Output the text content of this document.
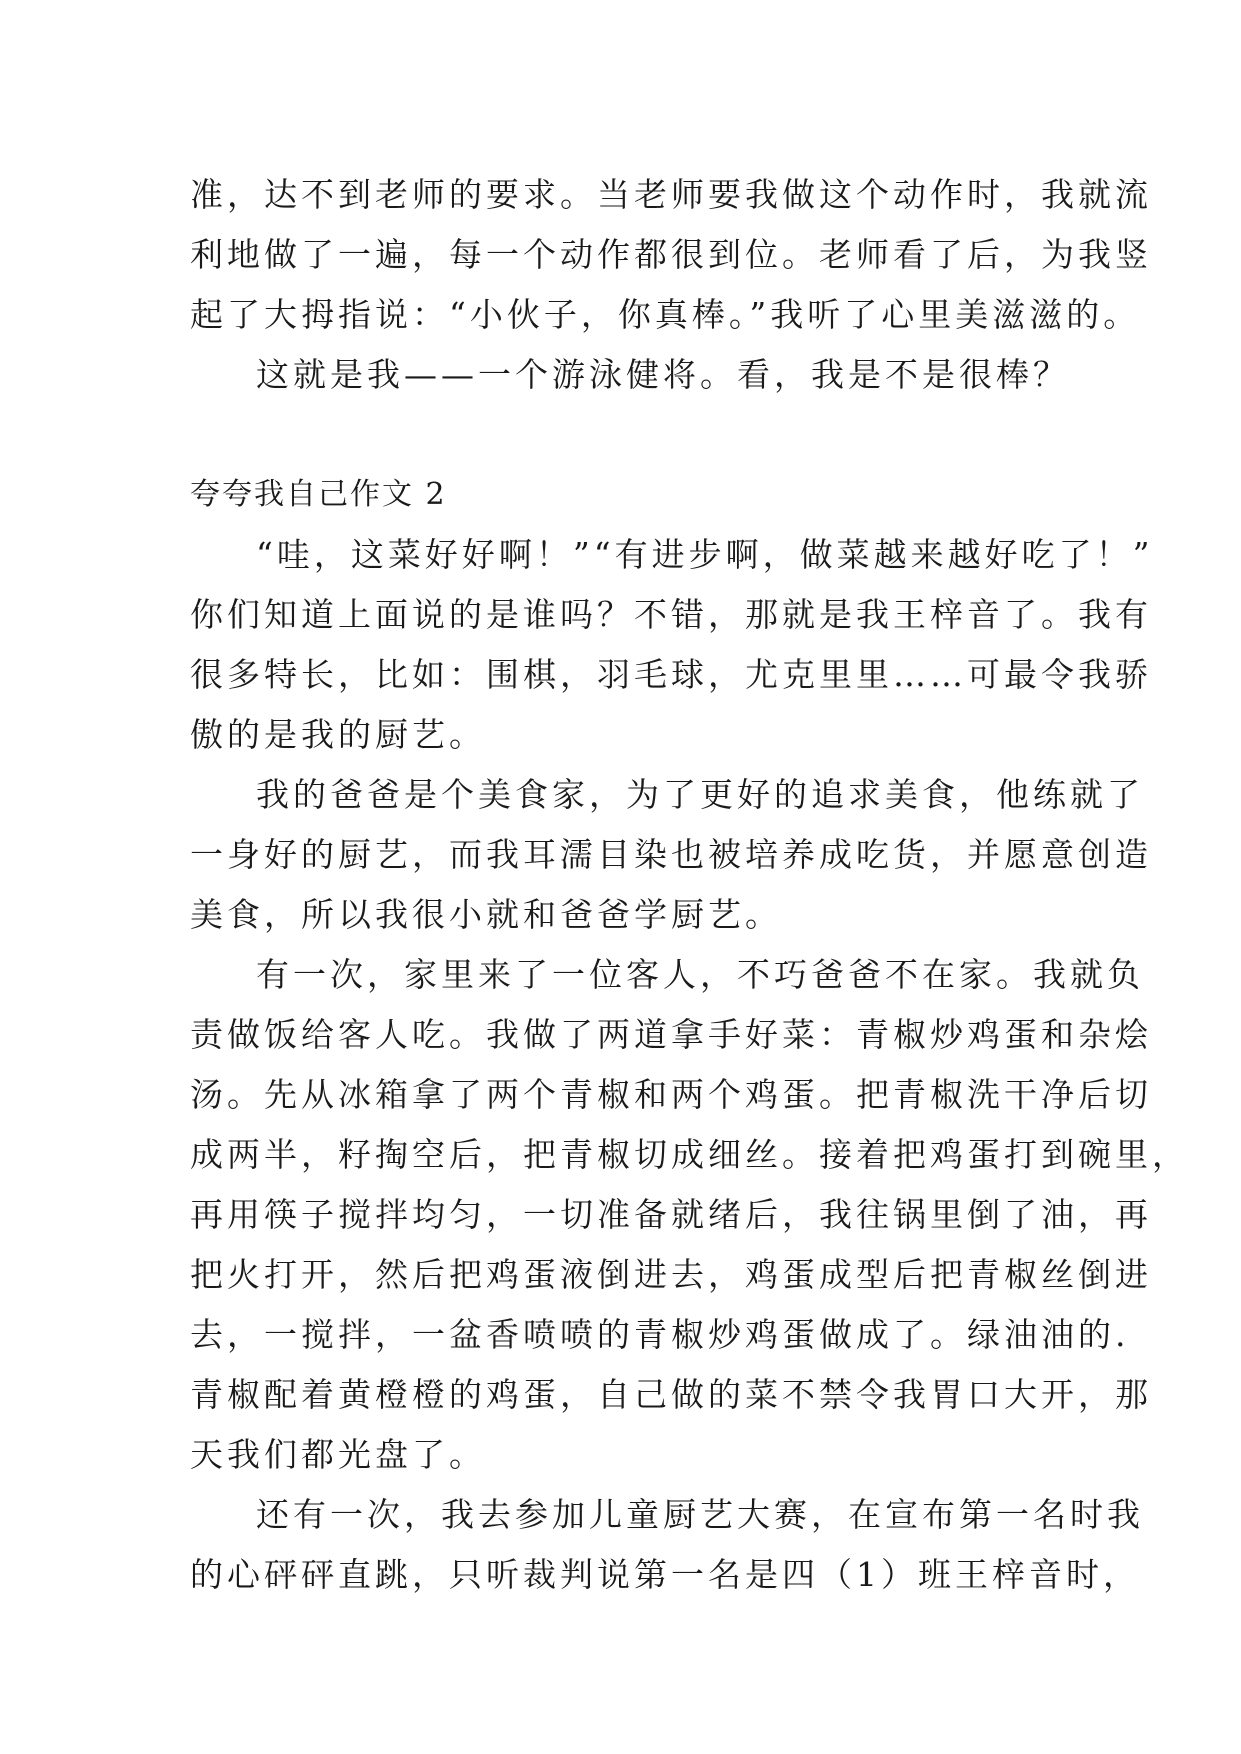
准，达不到老师的要求。当老师要我做这个动作时，我就流
利地做了一遍，每一个动作都很到位。老师看了后，为我竖
起了大拇指说：“小伙子，你真棒。”我听了心里美滋滋的。
这就是我——一个游泳健将。看，我是不是很棒？
夸夸我自己作文 2
“哇，这菜好好啊！”“有进步啊，做菜越来越好吃了！”
你们知道上面说的是谁吗？不错，那就是我王梓音了。我有
很多特长，比如：围棋，羽毛球，尤克里里……可最令我骄
傲的是我的厨艺。
我的爸爸是个美食家，为了更好的追求美食，他练就了
一身好的厨艺，而我耳濡目染也被培养成吃货，并愿意创造
美食，所以我很小就和爸爸学厨艺。
有一次，家里来了一位客人，不巧爸爸不在家。我就负
责做饭给客人吃。我做了两道拿手好菜：青椒炒鸡蛋和杂烩
汤。先从冰箱拿了两个青椒和两个鸡蛋。把青椒洗干净后切
成两半，籽掏空后，把青椒切成细丝。接着把鸡蛋打到碗里，
再用筷子搅拌均匀，一切准备就绪后，我往锅里倒了油，再
把火打开，然后把鸡蛋液倒进去，鸡蛋成型后把青椒丝倒进
去，一搅拌，一盆香喷喷的青椒炒鸡蛋做成了。绿油油的.
青椒配着黄橙橙的鸡蛋，自己做的菜不禁令我胃口大开，那
天我们都光盘了。
还有一次，我去参加儿童厨艺大赛，在宣布第一名时我
的心砰砰直跳，只听裁判说第一名是四（1）班王梓音时，
